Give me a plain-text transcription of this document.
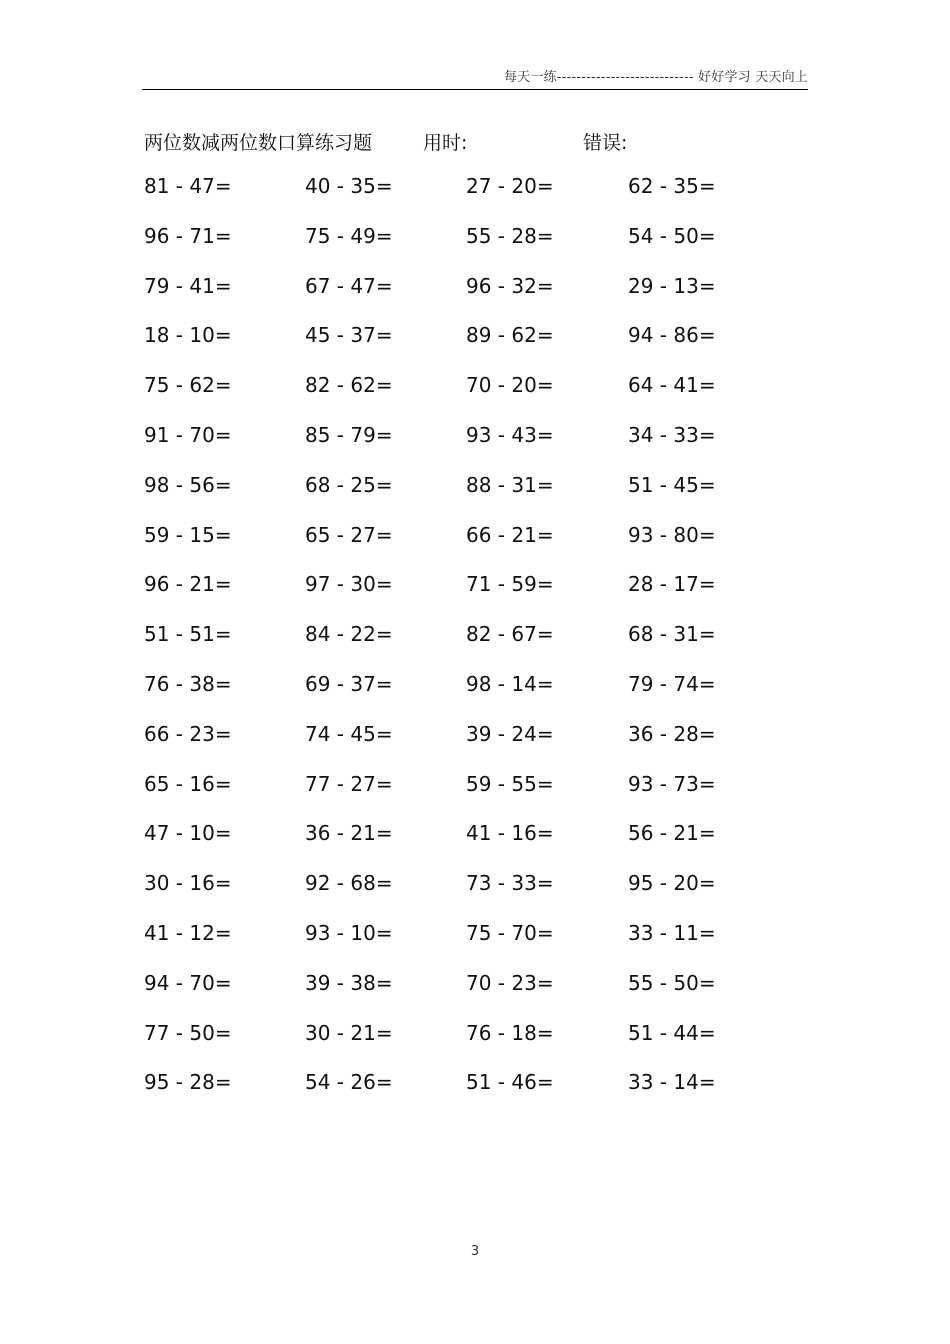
每天一练---------------------------- 好好学习 天天向上
两位数减两位数口算练习题	用时:	错误:
81 - 47=	40 - 35=	27 - 20=	62 - 35=
96 - 71=	75 - 49=	55 - 28=	54 - 50=
79 - 41=	67 - 47=	96 - 32=	29 - 13=
18 - 10=	45 - 37=	89 - 62=	94 - 86=
75 - 62=	82 - 62=	70 - 20=	64 - 41=
91 - 70=	85 - 79=	93 - 43=	34 - 33=
98 - 56=	68 - 25=	88 - 31=	51 - 45=
59 - 15=	65 - 27=	66 - 21=	93 - 80=
96 - 21=	97 - 30=	71 - 59=	28 - 17=
51 - 51=	84 - 22=	82 - 67=	68 - 31=
76 - 38=	69 - 37=	98 - 14=	79 - 74=
66 - 23=	74 - 45=	39 - 24=	36 - 28=
65 - 16=	77 - 27=	59 - 55=	93 - 73=
47 - 10=	36 - 21=	41 - 16=	56 - 21=
30 - 16=	92 - 68=	73 - 33=	95 - 20=
41 - 12=	93 - 10=	75 - 70=	33 - 11=
94 - 70=	39 - 38=	70 - 23=	55 - 50=
77 - 50=	30 - 21=	76 - 18=	51 - 44=
95 - 28=	54 - 26=	51 - 46=	33 - 14=
3
